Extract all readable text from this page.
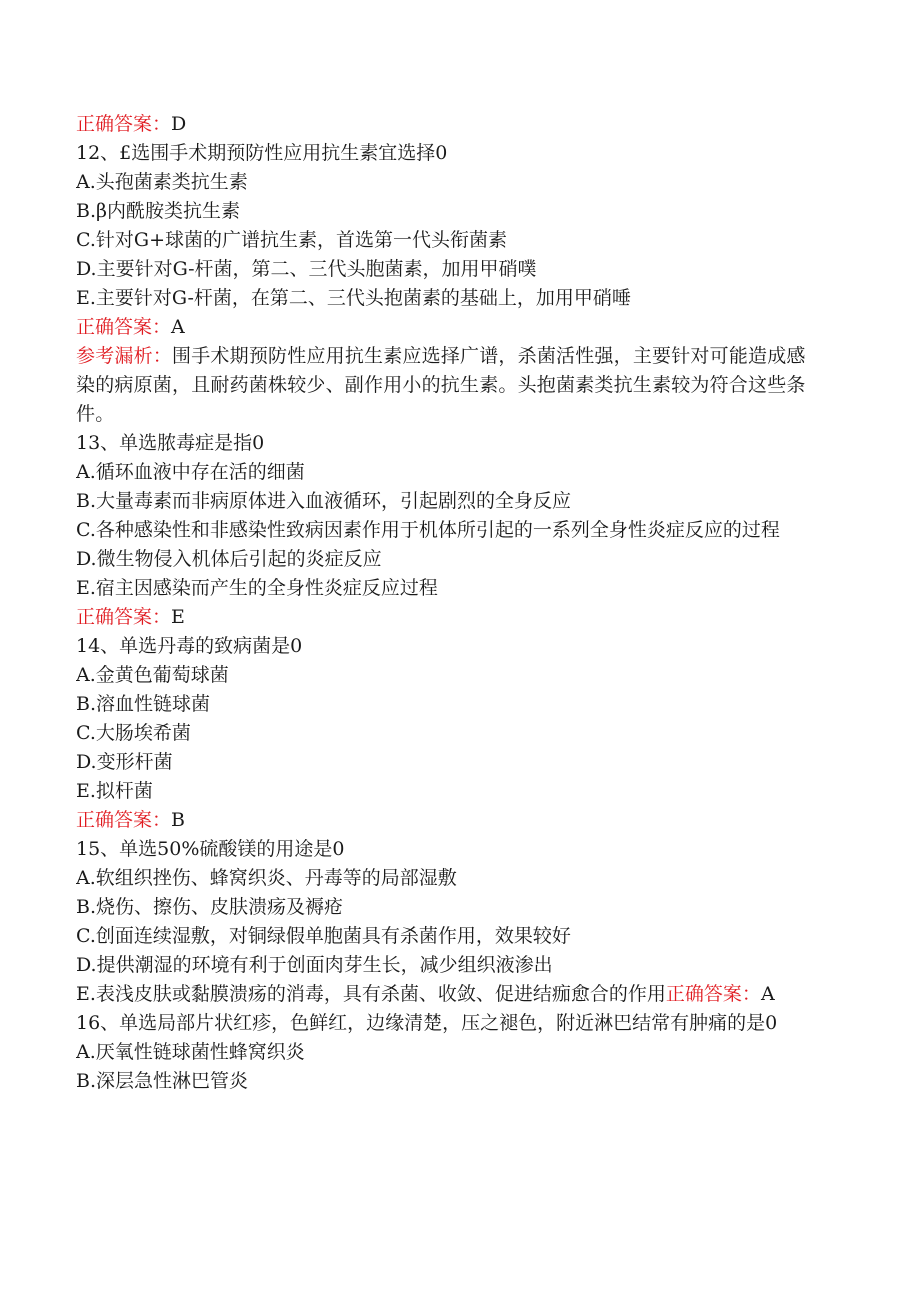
正确答案：D
12、£选围手术期预防性应用抗生素宜选择0
A.头孢菌素类抗生素
B.β内酰胺类抗生素
C.针对G+球菌的广谱抗生素，首选第一代头衔菌素
D.主要针对G-杆菌，第二、三代头胞菌素，加用甲硝噗
E.主要针对G-杆菌，在第二、三代头抱菌素的基础上，加用甲硝唾
正确答案：A
参考漏析：围手术期预防性应用抗生素应选择广谱，杀菌活性强，主要针对可能造成感染的病原菌，且耐药菌株较少、副作用小的抗生素。头抱菌素类抗生素较为符合这些条件。
13、单选脓毒症是指0
A.循环血液中存在活的细菌
B.大量毒素而非病原体进入血液循环，引起剧烈的全身反应
C.各种感染性和非感染性致病因素作用于机体所引起的一系列全身性炎症反应的过程
D.微生物侵入机体后引起的炎症反应
E.宿主因感染而产生的全身性炎症反应过程
正确答案：E
14、单选丹毒的致病菌是0
A.金黄色葡萄球菌
B.溶血性链球菌
C.大肠埃希菌
D.变形杆菌
E.拟杆菌
正确答案：B
15、单选50%硫酸镁的用途是0
A.软组织挫伤、蜂窝织炎、丹毒等的局部湿敷
B.烧伤、擦伤、皮肤溃疡及褥疮
C.创面连续湿敷，对铜绿假单胞菌具有杀菌作用，效果较好
D.提供潮湿的环境有利于创面肉芽生长，减少组织液渗出
E.表浅皮肤或黏膜溃疡的消毒，具有杀菌、收敛、促进结痂愈合的作用正确答案：A
16、单选局部片状红疹，色鲜红，边缘清楚，压之褪色，附近淋巴结常有肿痛的是0
A.厌氧性链球菌性蜂窝织炎
B.深层急性淋巴管炎
